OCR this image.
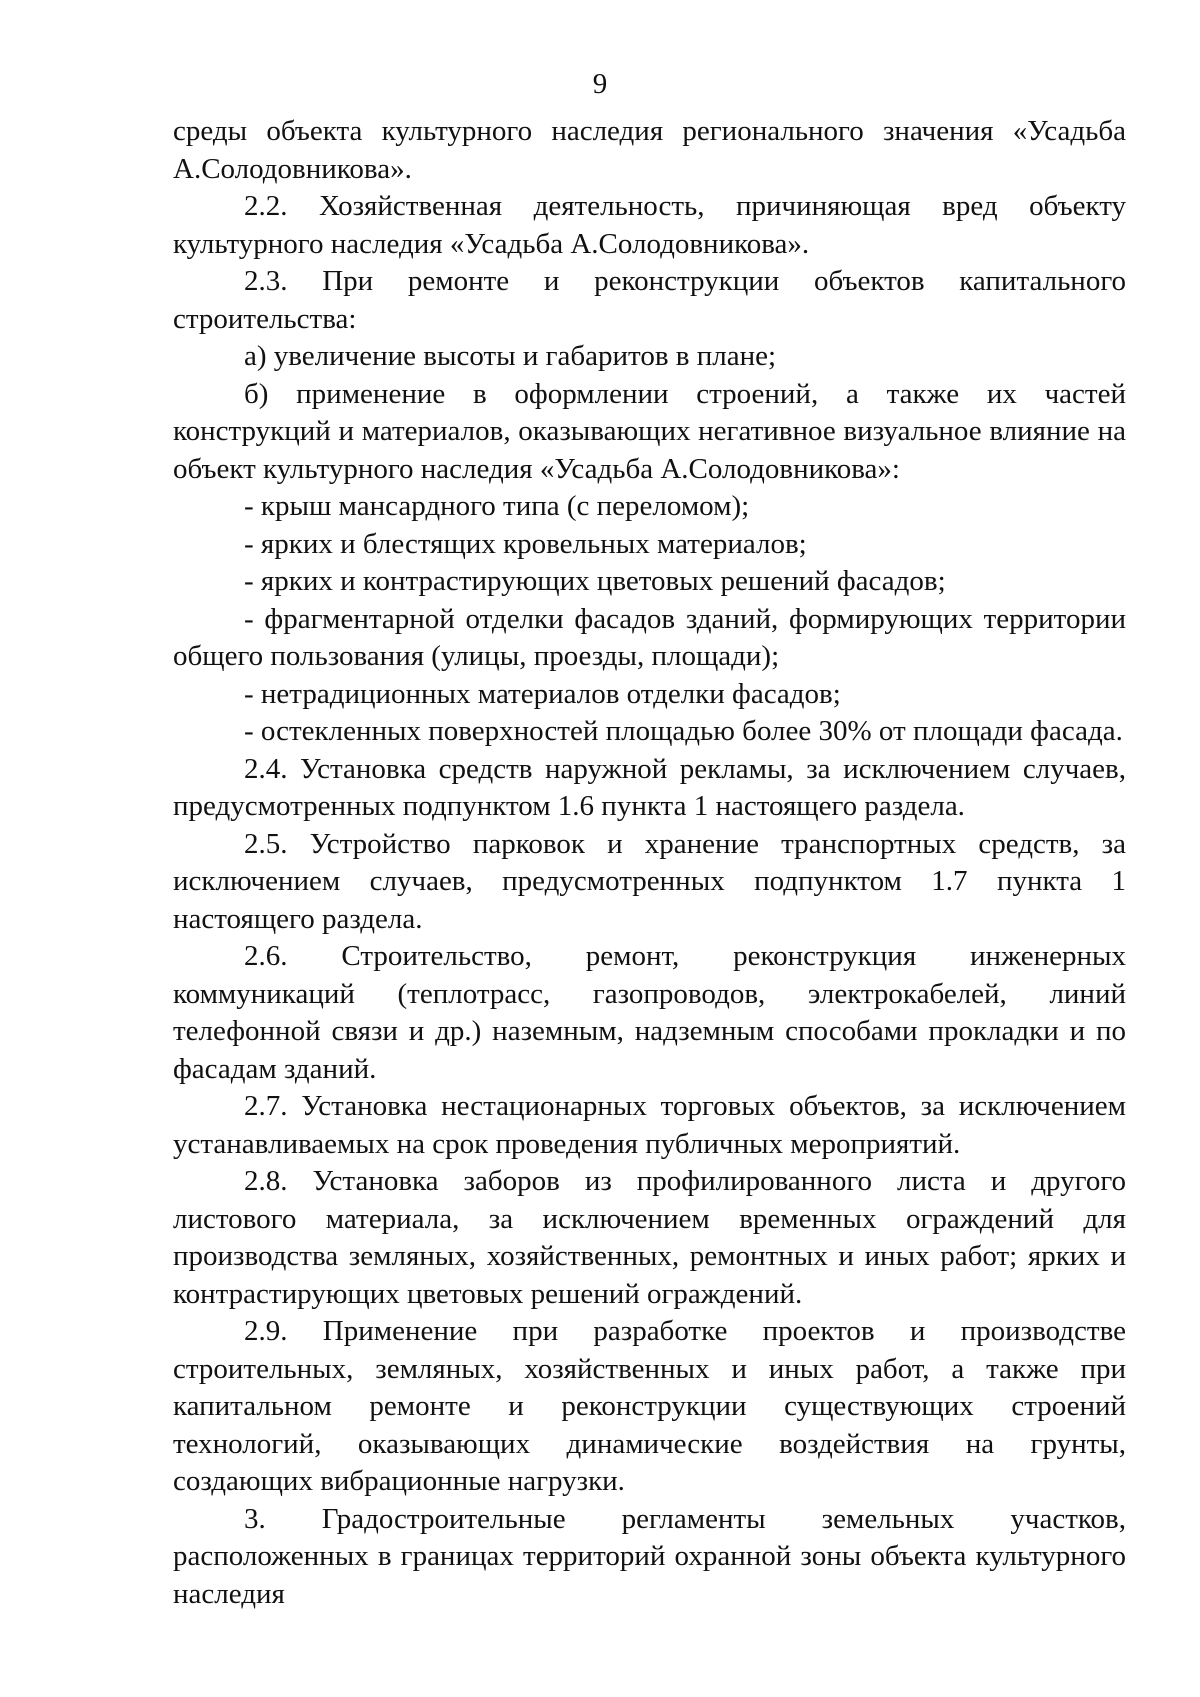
9

среды объекта культурного наследия регионального значения «Усадьба А.Солодовникова».

2.2. Хозяйственная деятельность, причиняющая вред объекту культурного наследия «Усадьба А.Солодовникова».

2.3. При ремонте и реконструкции объектов капитального строительства:

а) увеличение высоты и габаритов в плане;

б) применение в оформлении строений, а также их частей конструкций и материалов, оказывающих негативное визуальное влияние на объект культурного наследия «Усадьба А.Солодовникова»:

- крыш мансардного типа (с переломом);

- ярких и блестящих кровельных материалов;

- ярких и контрастирующих цветовых решений фасадов;

- фрагментарной отделки фасадов зданий, формирующих территории общего пользования (улицы, проезды, площади);

- нетрадиционных материалов отделки фасадов;

- остекленных поверхностей площадью более 30% от площади фасада.

2.4. Установка средств наружной рекламы, за исключением случаев, предусмотренных подпунктом 1.6 пункта 1 настоящего раздела.

2.5. Устройство парковок и хранение транспортных средств, за исключением случаев, предусмотренных подпунктом 1.7 пункта 1 настоящего раздела.

2.6. Строительство, ремонт, реконструкция инженерных коммуникаций (теплотрасс, газопроводов, электрокабелей, линий телефонной связи и др.) наземным, надземным способами прокладки и по фасадам зданий.

2.7. Установка нестационарных торговых объектов, за исключением устанавливаемых на срок проведения публичных мероприятий.

2.8. Установка заборов из профилированного листа и другого листового материала, за исключением временных ограждений для производства земляных, хозяйственных, ремонтных и иных работ; ярких и контрастирующих цветовых решений ограждений.

2.9. Применение при разработке проектов и производстве строительных, земляных, хозяйственных и иных работ, а также при капитальном ремонте и реконструкции существующих строений технологий, оказывающих динамические воздействия на грунты, создающих вибрационные нагрузки.

3. Градостроительные регламенты земельных участков, расположенных в границах территорий охранной зоны объекта культурного наследия
